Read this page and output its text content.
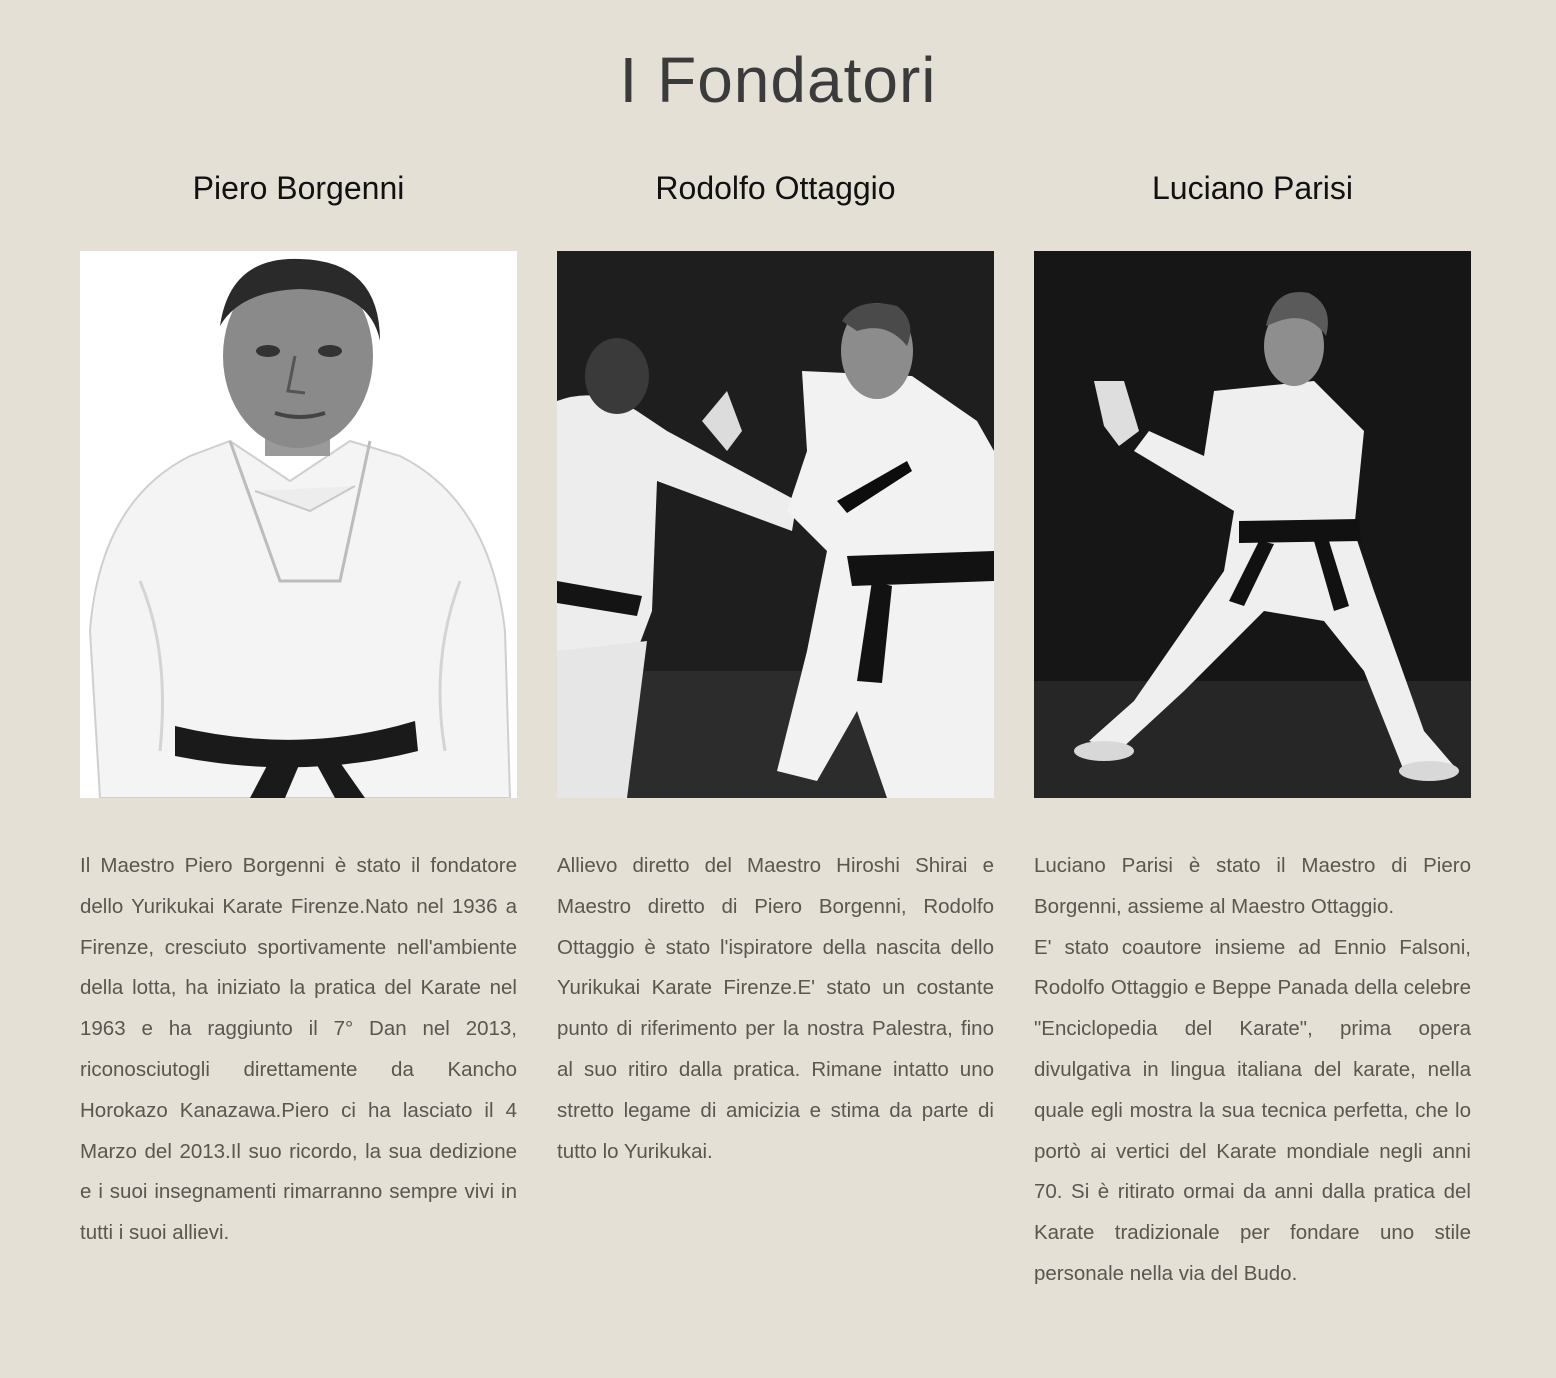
I Fondatori
Piero Borgenni

Il Maestro Piero Borgenni è stato il fondatore dello Yurikukai Karate Firenze.Nato nel 1936 a Firenze, cresciuto sportivamente nell'ambiente della lotta, ha iniziato la pratica del Karate nel 1963 e ha raggiunto il 7° Dan nel 2013, riconosciutogli direttamente da Kancho Horokazo Kanazawa.Piero ci ha lasciato il 4 Marzo del 2013.Il suo ricordo, la sua dedizione e i suoi insegnamenti rimarranno sempre vivi in tutti i suoi allievi.

Rodolfo Ottaggio

Allievo diretto del Maestro Hiroshi Shirai e Maestro diretto di Piero Borgenni, Rodolfo Ottaggio è stato l'ispiratore della nascita dello Yurikukai Karate Firenze.E' stato un costante punto di riferimento per la nostra Palestra, fino al suo ritiro dalla pratica. Rimane intatto uno stretto legame di amicizia e stima da parte di tutto lo Yurikukai.

Luciano Parisi

Luciano Parisi è stato il Maestro di Piero Borgenni, assieme al Maestro Ottaggio.

E' stato coautore insieme ad Ennio Falsoni, Rodolfo Ottaggio e Beppe Panada della celebre "Enciclopedia del Karate", prima opera divulgativa in lingua italiana del karate, nella quale egli mostra la sua tecnica perfetta, che lo portò ai vertici del Karate mondiale negli anni 70. Si è ritirato ormai da anni dalla pratica del Karate tradizionale per fondare uno stile personale nella via del Budo.
